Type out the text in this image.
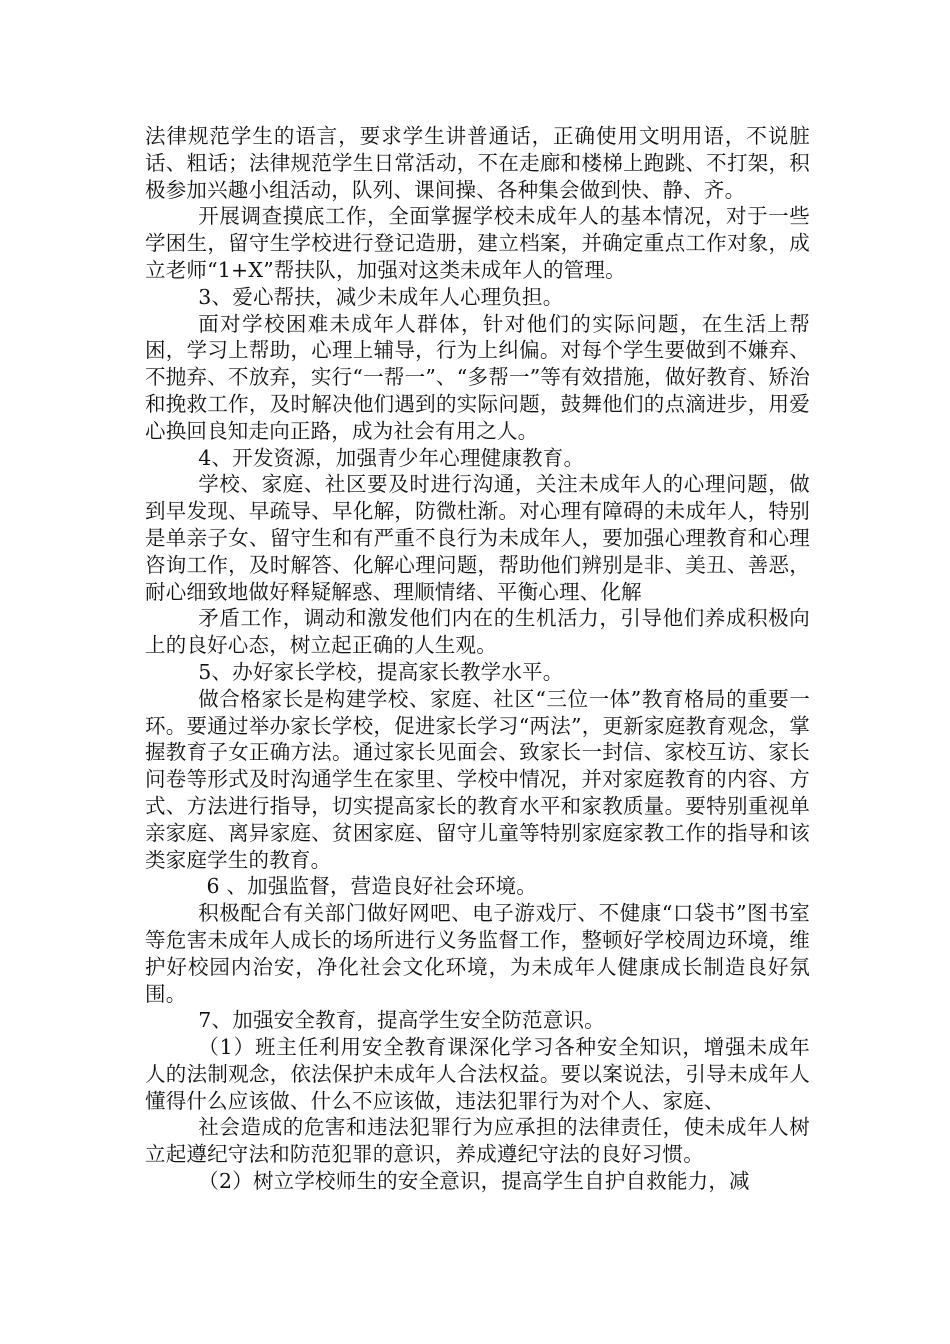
法律规范学生的语言，要求学生讲普通话，正确使用文明用语，不说脏话、粗话；法律规范学生日常活动，不在走廊和楼梯上跑跳、不打架，积极参加兴趣小组活动，队列、课间操、各种集会做到快、静、齐。

开展调查摸底工作，全面掌握学校未成年人的基本情况，对于一些学困生，留守生学校进行登记造册，建立档案，并确定重点工作对象，成立老师“1+X”帮扶队，加强对这类未成年人的管理。

3、爱心帮扶，减少未成年人心理负担。

面对学校困难未成年人群体，针对他们的实际问题，在生活上帮困，学习上帮助，心理上辅导，行为上纠偏。对每个学生要做到不嫌弃、不抛弃、不放弃，实行“一帮一”、“多帮一”等有效措施，做好教育、矫治和挽救工作，及时解决他们遇到的实际问题，鼓舞他们的点滴进步，用爱心换回良知走向正路，成为社会有用之人。

4、开发资源，加强青少年心理健康教育。

学校、家庭、社区要及时进行沟通，关注未成年人的心理问题，做到早发现、早疏导、早化解，防微杜渐。对心理有障碍的未成年人，特别是单亲子女、留守生和有严重不良行为未成年人，要加强心理教育和心理咨询工作，及时解答、化解心理问题，帮助他们辨别是非、美丑、善恶，耐心细致地做好释疑解惑、理顺情绪、平衡心理、化解

矛盾工作，调动和激发他们内在的生机活力，引导他们养成积极向上的良好心态，树立起正确的人生观。

5、办好家长学校，提高家长教学水平。

做合格家长是构建学校、家庭、社区“三位一体”教育格局的重要一环。要通过举办家长学校，促进家长学习“两法”，更新家庭教育观念，掌握教育子女正确方法。通过家长见面会、致家长一封信、家校互访、家长问卷等形式及时沟通学生在家里、学校中情况，并对家庭教育的内容、方式、方法进行指导，切实提高家长的教育水平和家教质量。要特别重视单亲家庭、离异家庭、贫困家庭、留守儿童等特别家庭家教工作的指导和该类家庭学生的教育。

6 、加强监督，营造良好社会环境。

积极配合有关部门做好网吧、电子游戏厅、不健康“口袋书”图书室等危害未成年人成长的场所进行义务监督工作，整顿好学校周边环境，维护好校园内治安，净化社会文化环境，为未成年人健康成长制造良好氛围。

7、加强安全教育，提高学生安全防范意识。

（1）班主任利用安全教育课深化学习各种安全知识，增强未成年人的法制观念，依法保护未成年人合法权益。要以案说法，引导未成年人懂得什么应该做、什么不应该做，违法犯罪行为对个人、家庭、

社会造成的危害和违法犯罪行为应承担的法律责任，使未成年人树立起遵纪守法和防范犯罪的意识，养成遵纪守法的良好习惯。

（2）树立学校师生的安全意识，提高学生自护自救能力，减
